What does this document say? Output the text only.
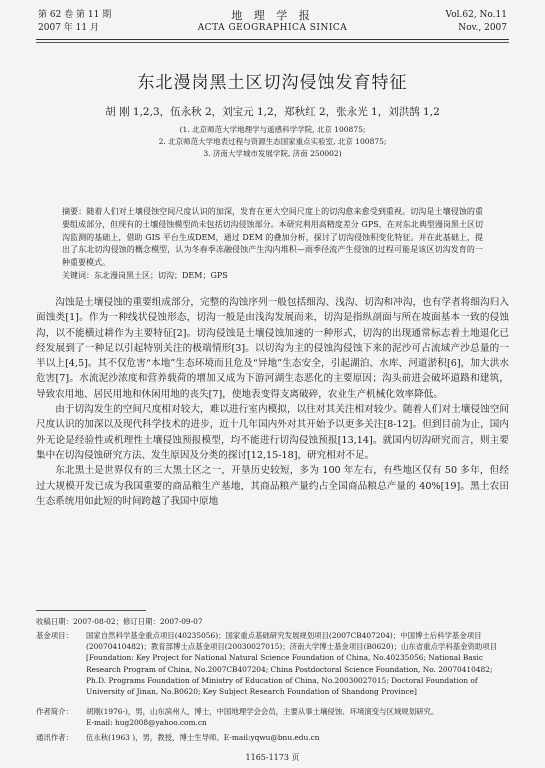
第 62 卷 第 11 期
2007 年 11 月
地 理 学 报
ACTA GEOGRAPHICA SINICA
Vol.62, No.11
Nov., 2007
东北漫岗黑土区切沟侵蚀发育特征
胡 刚 1,2,3，伍永秋 2，刘宝元 1,2，郑秋红 2，张永光 1，刘洪鹄 1,2
(1. 北京师范大学地理学与遥感科学学院, 北京 100875;
2. 北京师范大学地表过程与资源生态国家重点实验室, 北京 100875;
3. 济南大学城市发展学院, 济南 250002)

摘要：随着人们对土壤侵蚀空间尺度认识的加深，发育在更大空间尺度上的切沟愈来愈受到重视。切沟是土壤侵蚀的重要组成部分，但现有的土壤侵蚀模型尚未包括切沟侵蚀部分。本研究利用高精度差分 GPS，在对东北典型漫岗黑土区切沟监测的基础上，借助 GIS 平台生成DEM，通过 DEM 的叠加分析，探讨了切沟侵蚀积变化特征。并在此基础上，提出了东北切沟侵蚀的概念模型，认为冬春季冻融侵蚀产生沟内堆积—雨季径流产生侵蚀的过程可能是该区切沟发育的一种重要模式。

关键词：东北漫岗黑土区；切沟；DEM；GPS

沟蚀是土壤侵蚀的重要组成部分，完整的沟蚀序列一般包括细沟、浅沟、切沟和冲沟，也有学者将细沟归入面蚀类[1]。作为一种线状侵蚀形态，切沟一般是由浅沟发展而来，切沟是指纵剖面与所在坡面基本一致的侵蚀沟，以不能横过耕作为主要特征[2]。切沟侵蚀是土壤侵蚀加速的一种形式，切沟的出现通常标志着土地退化已经发展到了一种足以引起特别关注的极端情形[3]。以切沟为主的侵蚀沟侵蚀下来的泥沙可占流域产沙总量的一半以上[4,5]。其不仅危害“本地”生态环境而且危及“异地”生态安全，引起湖泊、水库、河道淤积[6]，加大洪水危害[7]。水流泥沙浓度和营养载荷的增加又成为下游河湖生态恶化的主要原因；沟头前进会破坏道路和建筑，导致农用地、居民用地和休闲用地的丧失[7]，使地表变得支离破碎，农业生产机械化效率降低。

由于切沟发生的空间尺度相对较大，难以进行室内模拟，以往对其关注相对较少。随着人们对土壤侵蚀空间尺度认识的加深以及现代科学技术的进步，近十几年国内外对其开始予以更多关注[8-12]。但到目前为止，国内外无论是经验性或机理性土壤侵蚀预报模型，均不能进行切沟侵蚀预报[13,14]。就国内切沟研究而言，则主要集中在切沟侵蚀研究方法、发生原因及分类的探讨[12,15-18]，研究相对不足。

东北黑土是世界仅有的三大黑土区之一，开垦历史较短，多为 100 年左右，有些地区仅有 50 多年，但经过大规模开发已成为我国重要的商品粮生产基地，其商品粮产量约占全国商品粮总产量的 40%[19]。黑土农田生态系统用如此短的时间跨越了我国中原地

收稿日期：2007-08-02；修订日期：2007-09-07
基金项目： 国家自然科学基金重点项目(40235056)；国家重点基础研究发展规划项目(2007CB407204)；中国博士后科学基金项目(20070410482)；教育部博士点基金项目(20030027015)；济南大学博士基金项目(B0620)；山东省重点学科基金资助项目 [Foundation: Key Project for National Natural Science Foundation of China, No.40235056; National Basic Research Program of China, No.2007CB407204; China Postdoctoral Science Foundation, No. 20070410482; Ph.D. Programs Foundation of Ministry of Education of China, No.20030027015; Doctoral Foundation of University of Jinan, No.B0620; Key Subject Research Foundation of Shandong Province]
作者简介： 胡刚(1976-)，男，山东滨州人，博士，中国地理学会会员，主要从事土壤侵蚀、环境演变与区域规划研究。
E-mail: hug2008@yahoo.com.cn
通讯作者： 伍永秋(1963 )，男，教授，博士生导师。E-mail:yqwu@bnu.edu.cn
1165-1173 页
